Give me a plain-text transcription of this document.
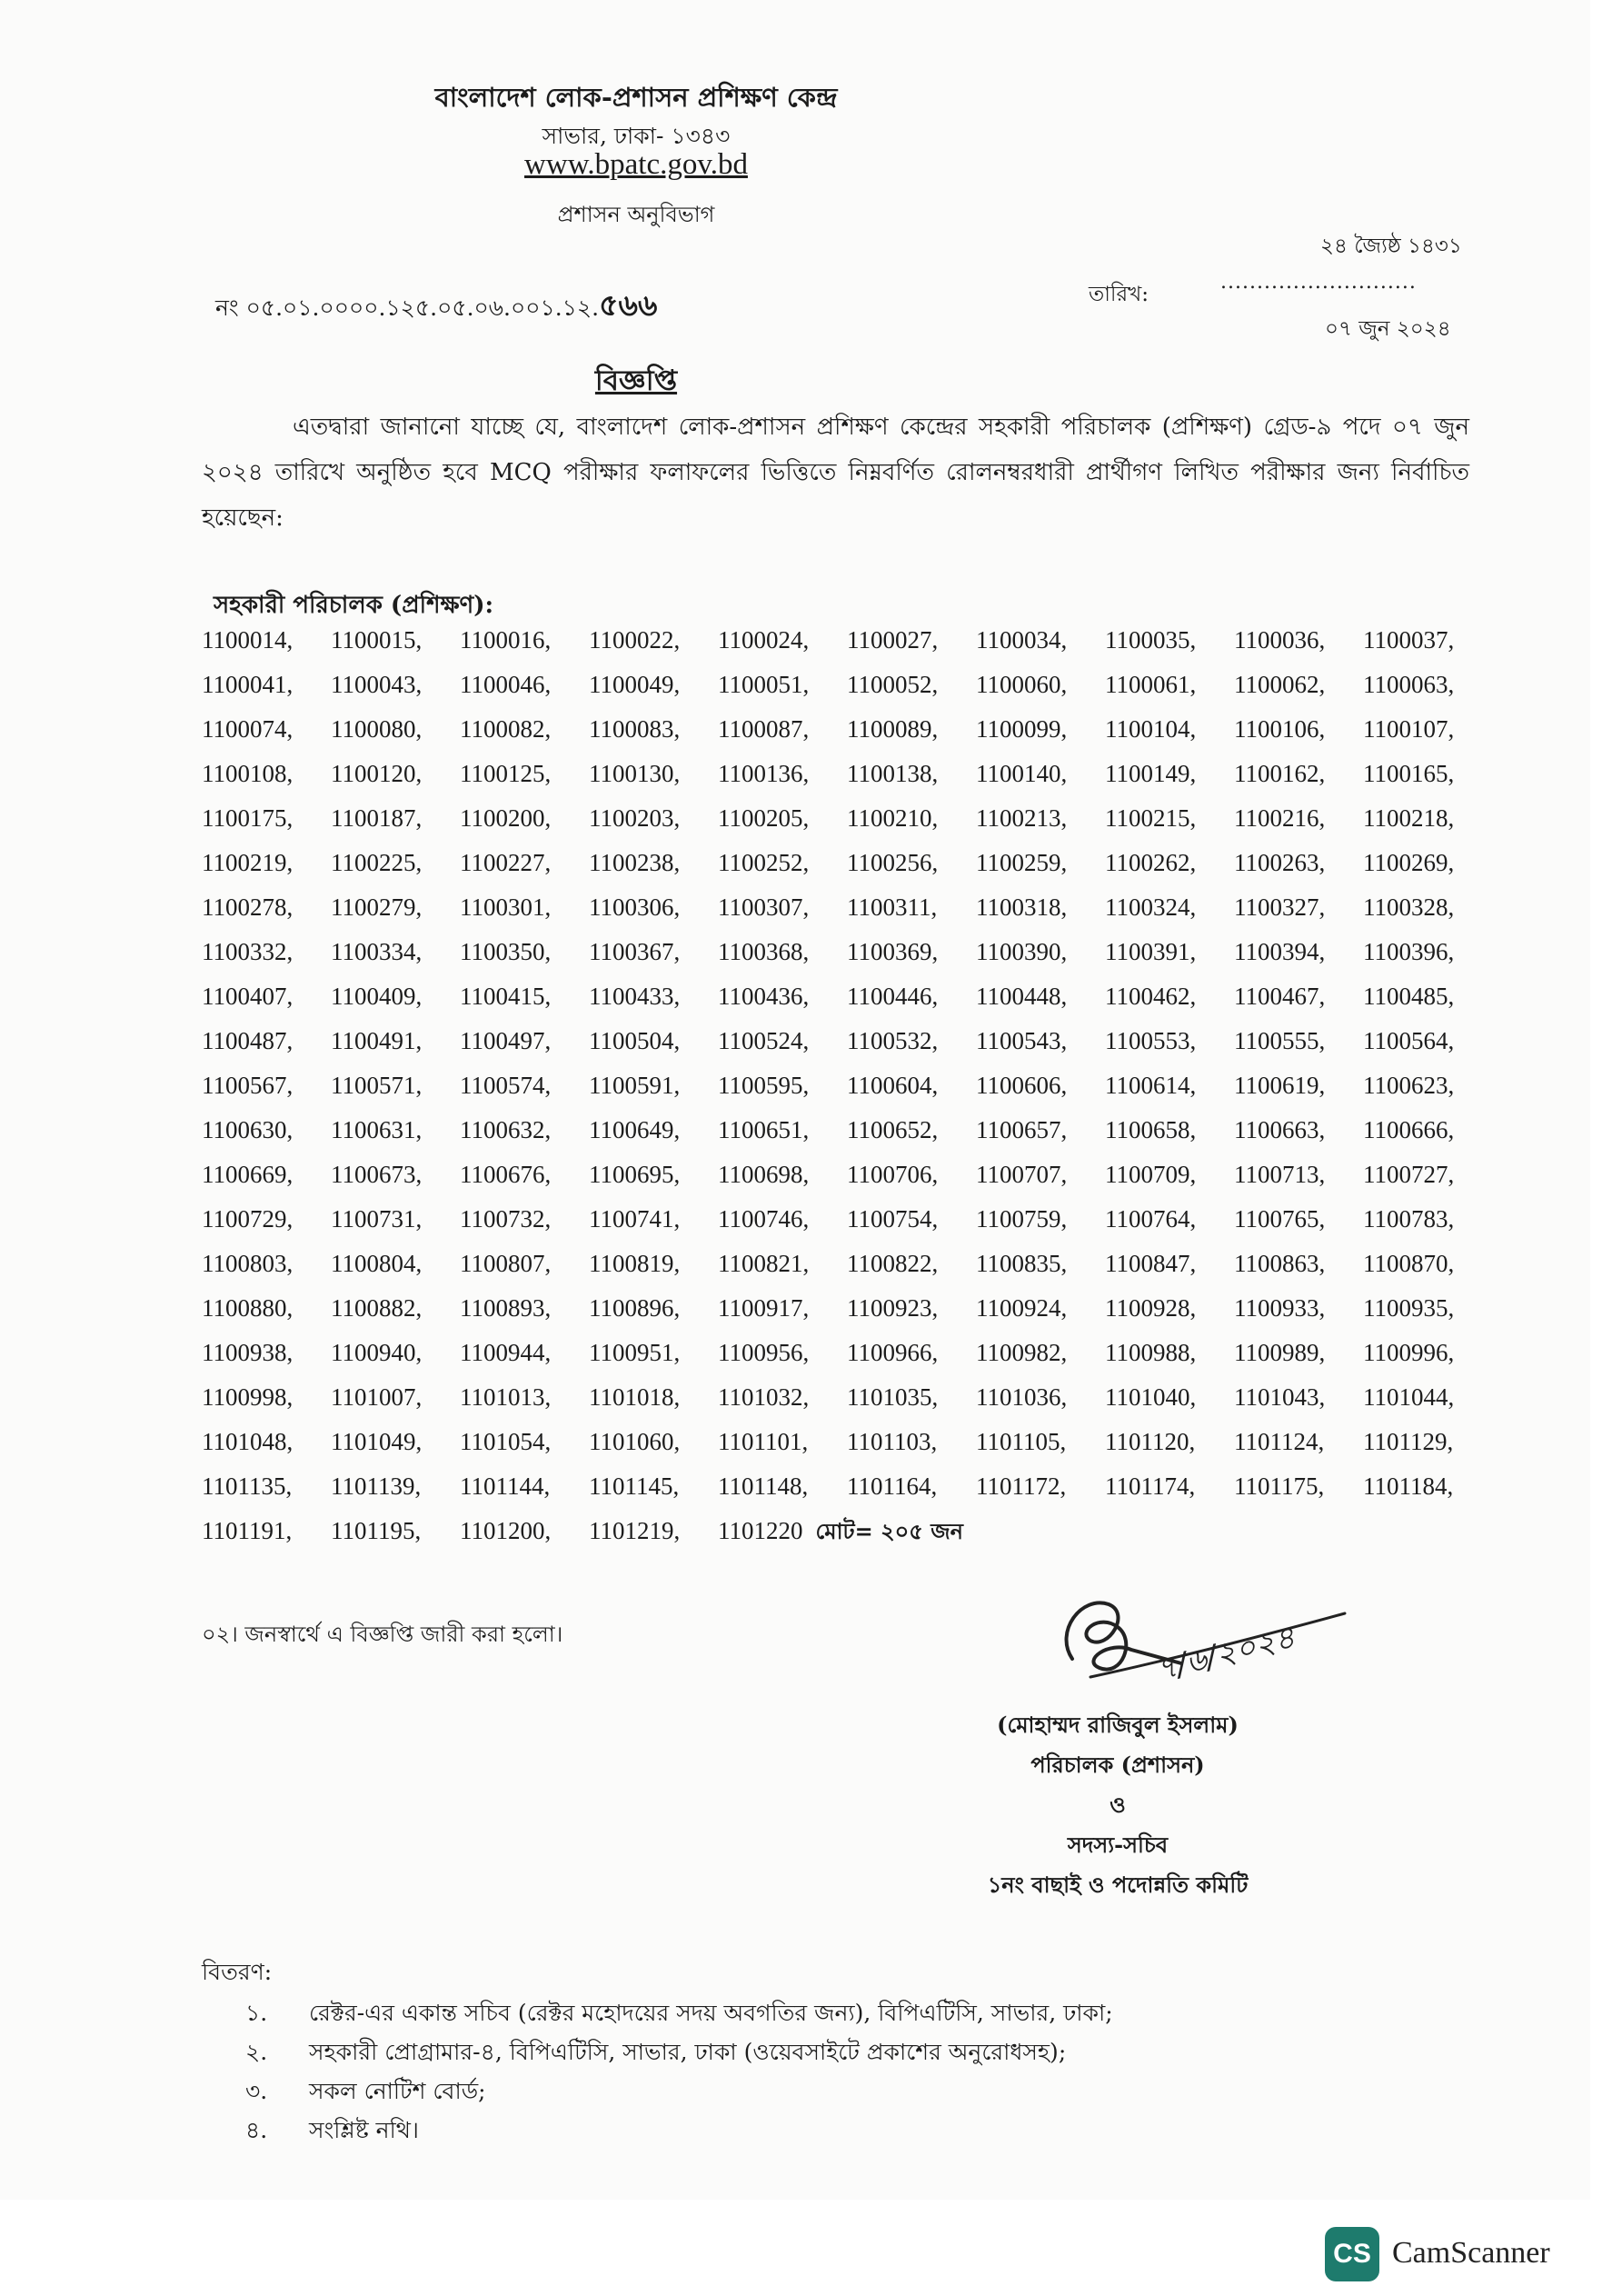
বাংলাদেশ লোক-প্রশাসন প্রশিক্ষণ কেন্দ্র
সাভার, ঢাকা- ১৩৪৩
www.bpatc.gov.bd
প্রশাসন অনুবিভাগ
২৪ জ্যৈষ্ঠ ১৪৩১
নং ০৫.০১.০০০০.১২৫.০৫.০৬.০০১.১২.৫৬৬	তারিখ:
...........................
০৭ জুন ২০২৪
বিজ্ঞপ্তি
এতদ্বারা জানানো যাচ্ছে যে, বাংলাদেশ লোক-প্রশাসন প্রশিক্ষণ কেন্দ্রের সহকারী পরিচালক (প্রশিক্ষণ) গ্রেড-৯ পদে ০৭ জুন ২০২৪ তারিখে অনুষ্ঠিত হবে MCQ পরীক্ষার ফলাফলের ভিত্তিতে নিম্নবর্ণিত রোলনম্বরধারী প্রার্থীগণ লিখিত পরীক্ষার জন্য নির্বাচিত হয়েছেন:
সহকারী পরিচালক (প্রশিক্ষণ):
1100014,	1100015,	1100016,	1100022,	1100024,	1100027,	1100034,	1100035,	1100036,	1100037,
1100041,	1100043,	1100046,	1100049,	1100051,	1100052,	1100060,	1100061,	1100062,	1100063,
1100074,	1100080,	1100082,	1100083,	1100087,	1100089,	1100099,	1100104,	1100106,	1100107,
1100108,	1100120,	1100125,	1100130,	1100136,	1100138,	1100140,	1100149,	1100162,	1100165,
1100175,	1100187,	1100200,	1100203,	1100205,	1100210,	1100213,	1100215,	1100216,	1100218,
1100219,	1100225,	1100227,	1100238,	1100252,	1100256,	1100259,	1100262,	1100263,	1100269,
1100278,	1100279,	1100301,	1100306,	1100307,	1100311,	1100318,	1100324,	1100327,	1100328,
1100332,	1100334,	1100350,	1100367,	1100368,	1100369,	1100390,	1100391,	1100394,	1100396,
1100407,	1100409,	1100415,	1100433,	1100436,	1100446,	1100448,	1100462,	1100467,	1100485,
1100487,	1100491,	1100497,	1100504,	1100524,	1100532,	1100543,	1100553,	1100555,	1100564,
1100567,	1100571,	1100574,	1100591,	1100595,	1100604,	1100606,	1100614,	1100619,	1100623,
1100630,	1100631,	1100632,	1100649,	1100651,	1100652,	1100657,	1100658,	1100663,	1100666,
1100669,	1100673,	1100676,	1100695,	1100698,	1100706,	1100707,	1100709,	1100713,	1100727,
1100729,	1100731,	1100732,	1100741,	1100746,	1100754,	1100759,	1100764,	1100765,	1100783,
1100803,	1100804,	1100807,	1100819,	1100821,	1100822,	1100835,	1100847,	1100863,	1100870,
1100880,	1100882,	1100893,	1100896,	1100917,	1100923,	1100924,	1100928,	1100933,	1100935,
1100938,	1100940,	1100944,	1100951,	1100956,	1100966,	1100982,	1100988,	1100989,	1100996,
1100998,	1101007,	1101013,	1101018,	1101032,	1101035,	1101036,	1101040,	1101043,	1101044,
1101048,	1101049,	1101054,	1101060,	1101101,	1101103,	1101105,	1101120,	1101124,	1101129,
1101135,	1101139,	1101144,	1101145,	1101148,	1101164,	1101172,	1101174,	1101175,	1101184,
1101191,	1101195,	1101200,	1101219,	1101220 মোট= ২০৫ জন
০২। জনস্বার্থে এ বিজ্ঞপ্তি জারী করা হলো।	৭/৬/২০২৪
(মোহাম্মদ রাজিবুল ইসলাম)
পরিচালক (প্রশাসন)
ও
সদস্য-সচিব
১নং বাছাই ও পদোন্নতি কমিটি
বিতরণ:
১. রেক্টর-এর একান্ত সচিব (রেক্টর মহোদয়ের সদয় অবগতির জন্য), বিপিএটিসি, সাভার, ঢাকা;
২. সহকারী প্রোগ্রামার-৪, বিপিএটিসি, সাভার, ঢাকা (ওয়েবসাইটে প্রকাশের অনুরোধসহ);
৩. সকল নোটিশ বোর্ড;
৪. সংশ্লিষ্ট নথি।
CS CamScanner
